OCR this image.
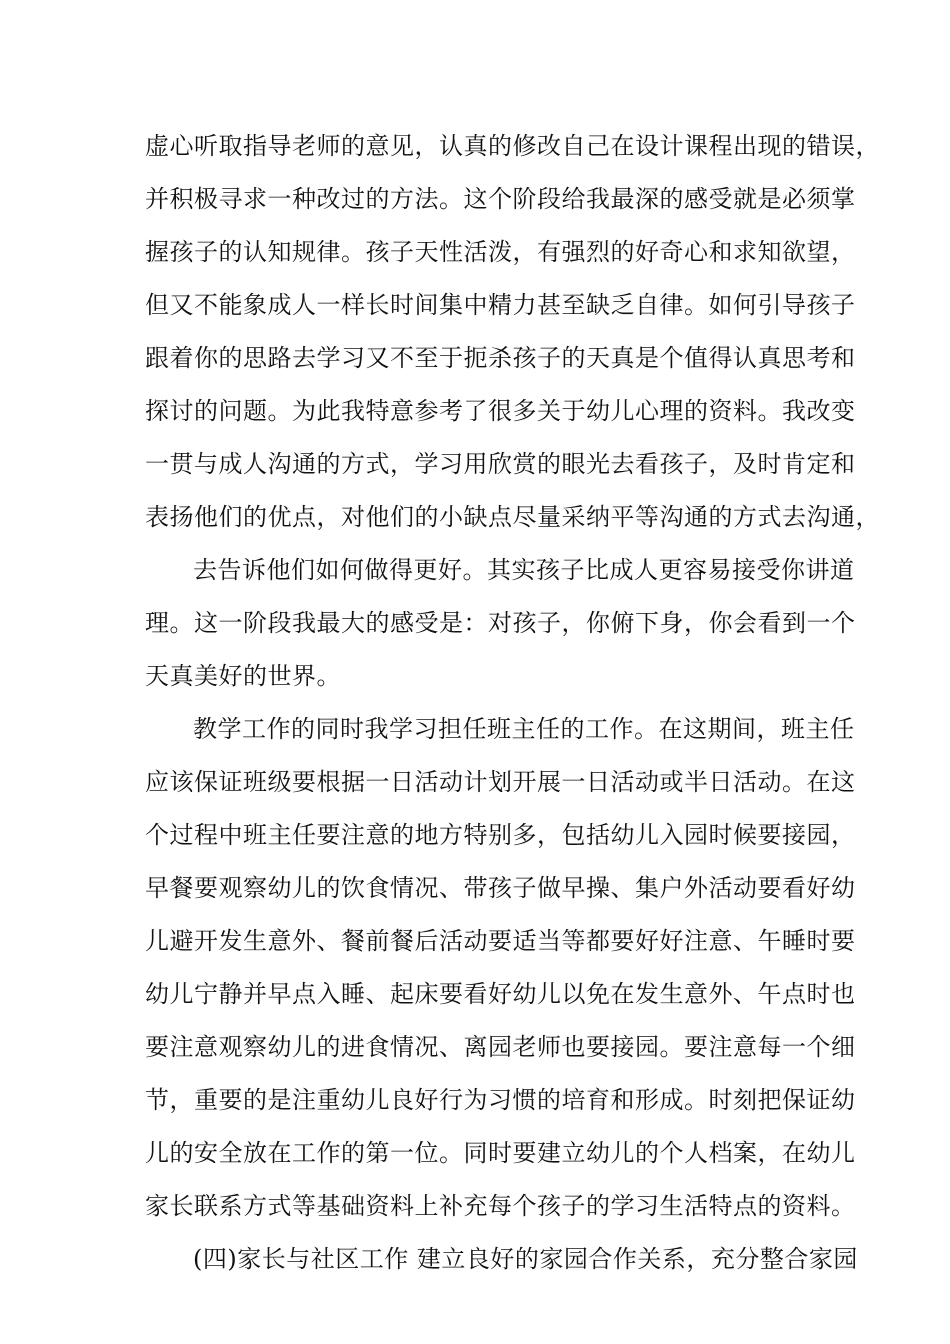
虚心听取指导老师的意见，认真的修改自己在设计课程出现的错误，
并积极寻求一种改过的方法。这个阶段给我最深的感受就是必须掌
握孩子的认知规律。孩子天性活泼，有强烈的好奇心和求知欲望，
但又不能象成人一样长时间集中精力甚至缺乏自律。如何引导孩子
跟着你的思路去学习又不至于扼杀孩子的天真是个值得认真思考和
探讨的问题。为此我特意参考了很多关于幼儿心理的资料。我改变
一贯与成人沟通的方式，学习用欣赏的眼光去看孩子，及时肯定和
表扬他们的优点，对他们的小缺点尽量采纳平等沟通的方式去沟通，
去告诉他们如何做得更好。其实孩子比成人更容易接受你讲道
理。这一阶段我最大的感受是：对孩子，你俯下身，你会看到一个
天真美好的世界。
教学工作的同时我学习担任班主任的工作。在这期间，班主任
应该保证班级要根据一日活动计划开展一日活动或半日活动。在这
个过程中班主任要注意的地方特别多，包括幼儿入园时候要接园，
早餐要观察幼儿的饮食情况、带孩子做早操、集户外活动要看好幼
儿避开发生意外、餐前餐后活动要适当等都要好好注意、午睡时要
幼儿宁静并早点入睡、起床要看好幼儿以免在发生意外、午点时也
要注意观察幼儿的进食情况、离园老师也要接园。要注意每一个细
节，重要的是注重幼儿良好行为习惯的培育和形成。时刻把保证幼
儿的安全放在工作的第一位。同时要建立幼儿的个人档案，在幼儿
家长联系方式等基础资料上补充每个孩子的学习生活特点的资料。
(四)家长与社区工作 建立良好的家园合作关系，充分整合家园
